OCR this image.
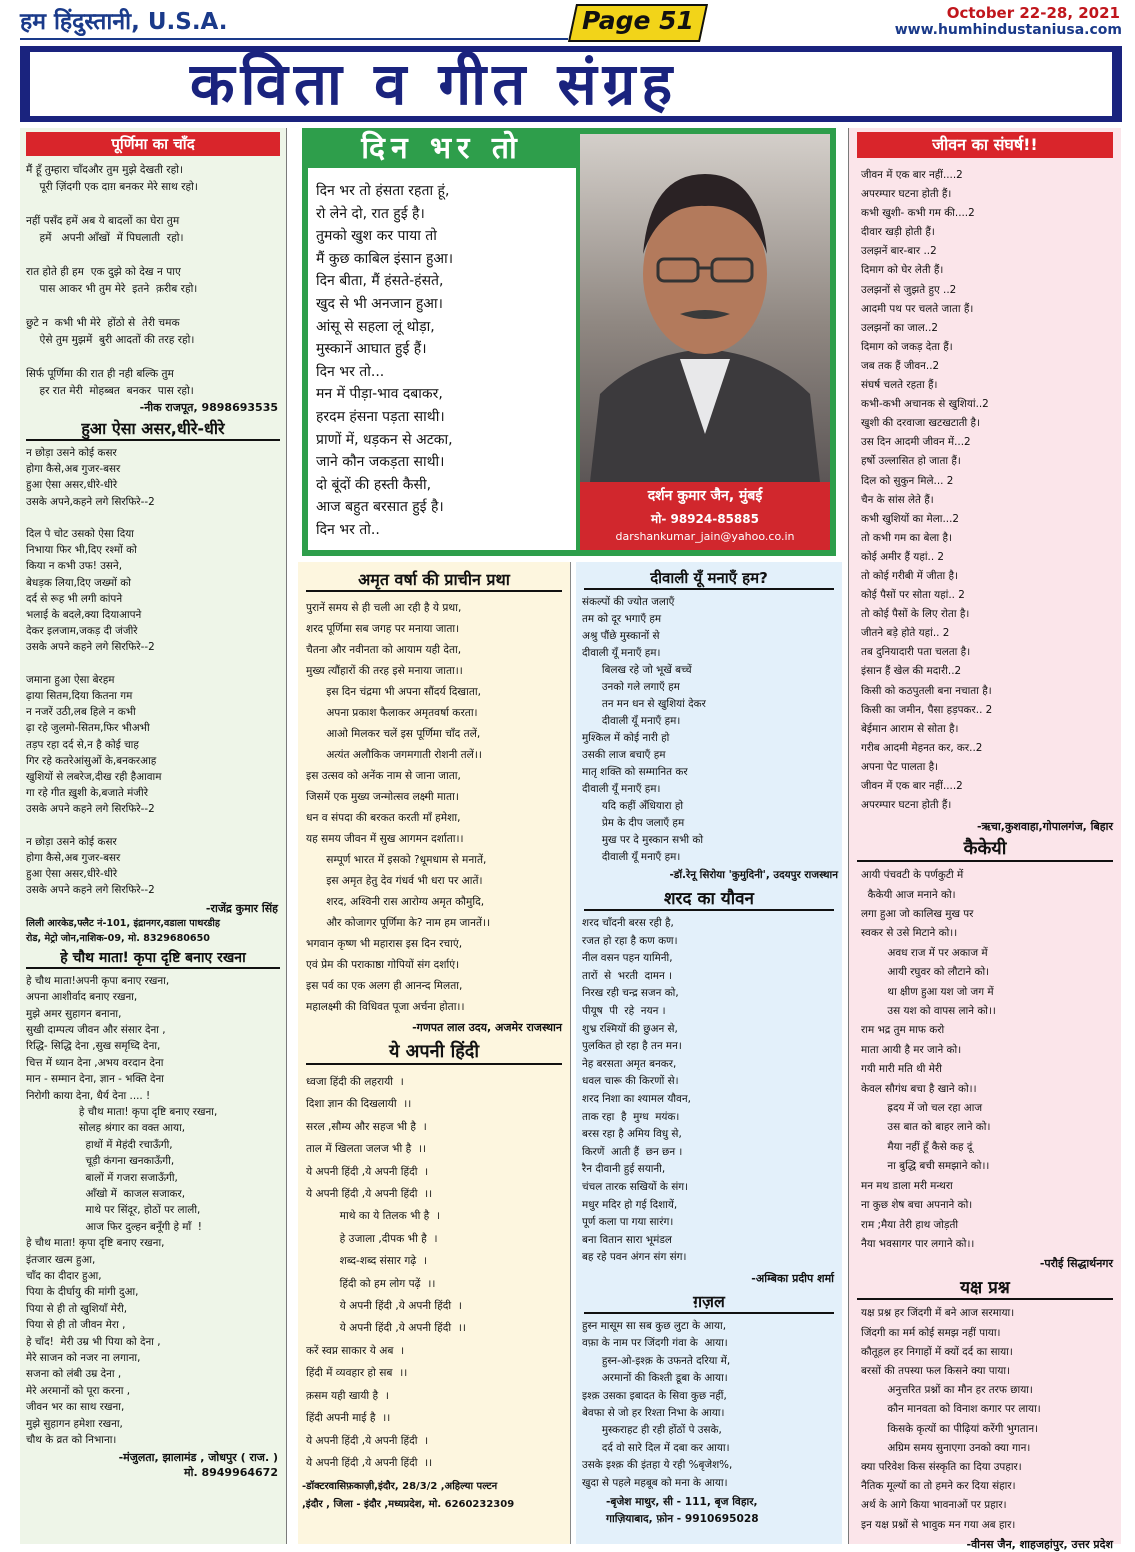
हम हिंदुस्तानी, U.S.A.	Page 51	October 22-28, 2021
www.humhindustaniusa.com
कविता व गीत संग्रह
पूर्णिमा का चाँद

मैं हूँ तुम्हारा चाँदऔर तुम मुझे देखती रहो।
पूरी ज़िंदगी एक दाग़ बनकर मेरे साथ रहो।

नहीं पसँद हमें अब ये बादलों का घेरा तुम
हमें   अपनी आँखों  में पिघलाती  रहो।

रात होते ही हम  एक दुझे को देख न पाए
पास आकर भी तुम मेरे  इतने  क़रीब रहो।

छुटे न  कभी भी मेरे  होंठो से  तेरी चमक
ऐसे तुम मुझमें  बुरी आदतों की तरह रहो।

सिर्फ पूर्णिमा की रात ही नही बल्कि तुम
हर रात मेरी  मोहब्बत  बनकर  पास रहो।

-नीक राजपूत, 9898693535

हुआ ऐसा असर,धीरे-धीरे

न छोड़ा उसने कोई कसर
होगा कैसे,अब गुजर-बसर
हुआ ऐसा असर,धीरे-धीरे
उसके अपने,कहने लगे सिरफिरे--2

दिल पे चोट उसको ऐसा दिया
निभाया फिर भी,दिए रश्मों को
किया न कभी उफ! उसने,
बेधड़क लिया,दिए जख्मों को
दर्द से रूह भी लगी कांपने
भलाई के बदले,क्या दियाआपने
देकर इलजाम,जकड़ दी जंजीरे
उसके अपने कहने लगे सिरफिरे--2

जमाना हुआ ऐसा बेरहम
ढ़ाया सितम,दिया कितना गम
न नजरें उठी,लब हिले न कभी
ढ़ा रहे जुलमो-सितम,फिर भीअभी
तड़प रहा दर्द से,न है कोई चाह
गिर रहे कतरेआंसुओं के,बनकरआह
खुशियों से लबरेज,दीख रही हैआवाम
गा रहे गीत ख़ुशी के,बजाते मंजीरे
उसके अपने कहने लगे सिरफिरे--2

न छोड़ा उसने कोई कसर
होगा कैसे,अब गुजर-बसर
हुआ ऐसा असर,धीरे-धीरे
उसके अपने कहने लगे सिरफिरे--2

-राजेंद्र कुमार सिंह

लिली आरकेड,फ्लैट नं-101, इंद्रानगर,वडाला पाथरडीह
रोड, मेट्रो जोन,नाशिक-09, मो. 8329680650

हे चौथ माता! कृपा दृष्टि बनाए रखना

हे चौथ माता!अपनी कृपा बनाए रखना,
अपना आशीर्वाद बनाए रखना,
मुझे अमर सुहागन बनाना,
सुखी दाम्पत्य जीवन और संसार देना ,
रिद्धि- सिद्धि देना ,सुख समृध्दि देना,
चित्त में ध्यान देना ,अभय वरदान देना
मान - सम्मान देना, ज्ञान - भक्ति देना
निरोगी काया देना, धैर्य देना .... !
हे चौथ माता! कृपा दृष्टि बनाए रखना,
सोलह श्रंगार का वक्त आया,
हाथों में मेहंदी रचाऊँगी,
चूड़ी कंगना खनकाऊँगी,
बालों में गजरा सजाऊँगी,
आँखो में  काजल सजाकर,
माथे पर सिंदूर, होठों पर लाली,
आज फिर दुल्हन बनूँगी हे माँ  !
हे चौथ माता! कृपा दृष्टि बनाए रखना,
इंतजार खत्म हुआ,
चाँद का दीदार हुआ,
पिया के दीर्घायु की मांगी दुआ,
पिया से ही तो खुशियाँ मेरी,
पिया से ही तो जीवन मेरा ,
हे चाँद!  मेरी उम्र भी पिया को देना ,
मेरे साजन को नजर ना लगाना,
सजना को लंबी उम्र देना ,
मेरे अरमानों को पूरा करना ,
जीवन भर का साथ रखना,
मुझे सुहागन हमेशा रखना,
चौथ के व्रत को निभाना।

-मंजुलता, झालामंड , जोधपुर ( राज. )

मो. 8949964672

दिन भर तो

दिन भर तो हंसता रहता हूं,
रो लेने दो, रात हुई है।
तुमको खुश कर पाया तो
मैं कुछ काबिल इंसान हुआ।
दिन बीता, मैं हंसते-हंसते,
खुद से भी अनजान हुआ।
आंसू से सहला लूं थोड़ा,
मुस्कानें आघात हुई हैं।
दिन भर तो...
मन में पीड़ा-भाव दबाकर,
हरदम हंसना पड़ता साथी।
प्राणों में, धड़कन से अटका,
जाने कौन जकड़ता साथी।
दो बूंदों की हस्ती कैसी,
आज बहुत बरसात हुई है।
दिन भर तो..

दर्शन कुमार जैन, मुंबई
मो- 98924-85885
darshankumar_jain@yahoo.co.in
अमृत वर्षा की प्राचीन प्रथा

पुरानें समय से ही चली आ रही है ये प्रथा,
शरद पूर्णिमा सब जगह पर मनाया जाता।
चैतना और नवीनता को आयाम यही देता,
मुख्य त्यौंहारों की तरह इसे मनाया जाता।।
इस दिन चंद्रमा भी अपना सौंदर्य दिखाता,
अपना प्रकाश फैलाकर अमृतवर्षा करता।
आओ मिलकर चलें इस पूर्णिमा चाँद तलें,
अत्यंत अलौकिक जगमगाती रोशनी तलें।।
इस उत्सव को अनेंक नाम से जाना जाता,
जिसमें एक मुख्य जन्मोत्सव लक्ष्मी माता।
धन व संपदा की बरकत करती माँ हमेशा,
यह समय जीवन में सुख आगमन दर्शाता।।
सम्पूर्ण भारत में इसको ?धूमधाम से मनातें,
इस अमृत हेतु देव गंधर्व भी धरा पर आतें।
शरद, अश्विनी रास आरोग्य अमृत कौमुदि,
और कोजागर पूर्णिमा के? नाम हम जानतें।।
भगवान कृष्ण भी महारास इस दिन रचाएं,
एवं प्रेम की पराकाष्ठा गोपियों संग दर्शाएं।
इस पर्व का एक अलग ही आनन्द मिलता,
महालक्ष्मी की विधिवत पूजा अर्चना होता।।

-गणपत लाल उदय, अजमेर राजस्थान

ये अपनी हिंदी

ध्वजा हिंदी की लहरायी  ।
दिशा ज्ञान की दिखलायी  ।।
सरल ,सौम्य और सहज भी है  ।
ताल में खिलता जलज भी है  ।।
ये अपनी हिंदी ,ये अपनी हिंदी  ।
ये अपनी हिंदी ,ये अपनी हिंदी  ।।
माथे का ये तिलक भी है  ।
हे उजाला ,दीपक भी है  ।
शब्द-शब्द संसार गढ़े  ।
हिंदी को हम लोग पढ़ें  ।।
ये अपनी हिंदी ,ये अपनी हिंदी  ।
ये अपनी हिंदी ,ये अपनी हिंदी  ।।
करें स्वप्न साकार ये अब  ।
हिंदी में व्यवहार हो सब  ।।
क़सम यही खायी है  ।
हिंदी अपनी माई है  ।।
ये अपनी हिंदी ,ये अपनी हिंदी  ।
ये अपनी हिंदी ,ये अपनी हिंदी  ।।

-डॉक्टरवासिफ़काज़ी,इंदौर, 28/3/2 ,अहिल्या पल्टन
,इंदौर , जिला - इंदौर ,मध्यप्रदेश, मो. 6260232309

दीवाली यूँ मनाएँ हम?

संकल्पों की ज्योत जलाएँ
तम को दूर भगाएँ हम
अश्रु पौंछे मुस्कानों से
दीवाली यूँ मनाएँ हम।
बिलख रहे जो भूखें बच्चें
उनको गले लगाएँ हम
तन मन धन से खुशियां देकर
दीवाली यूँ मनाएँ हम।
मुश्किल में कोई नारी हो
उसकी लाज बचाएँ हम
मातृ शक्ति को सम्मानित कर
दीवाली यूँ मनाएँ हम।
यदि कहीं अँधियारा हो
प्रेम के दीप जलाएँ हम
मुख पर दे मुस्कान सभी को
दीवाली यूँ मनाएँ हम।

-डॉ.रेनू सिरोया 'कुमुदिनी', उदयपुर राजस्थान

शरद का यौवन

शरद चाँदनी बरस रही है,
रजत हो रहा है कण कण।
नील वसन पहन यामिनी,
तारों  से  भरती  दामन ।
निरख रही चन्द्र सजन को,
पीयूष  पी  रहे  नयन ।
शुभ्र रश्मियों की छुअन से,
पुलकित हो रहा है तन मन।
नेह बरसता अमृत बनकर,
धवल चारू की किरणों से।
शरद निशा का श्यामल यौवन,
ताक रहा  है  मुग्ध  मयंक।
बरस रहा है अमिय विधु से,
किरणें  आती हैं  छन छन ।
रैन दीवानी हुई सयानी,
चंचल तारक सखियों के संग।
मधुर मदिर हो गई दिशायें,
पूर्ण कला पा गया सारंग।
बना वितान सारा भूमंडल
बह रहे पवन अंगन संग संग।

-अम्बिका प्रदीप शर्मा

ग़ज़ल

हुस्न मासूम सा सब कुछ लुटा के आया,
वफ़ा के नाम पर जिंदगी गंवा के  आया।
हुस्न-ओ-इश्क़ के उफनते दरिया में,
अरमानों की किश्ती डूबा के आया।
इश्क़ उसका इबादत के सिवा कुछ नहीं,
बेवफा से जो हर रिश्ता निभा के आया।
मुस्कराहट ही रही होंठों पे उसके,
दर्द वो सारे दिल में दबा कर आया।
उसके इश्क़ की इंतहा ये रही %बृजेश%,
खुदा से पहले महबूब को मना के आया।

-बृजेश माथुर, सी - 111, बृज विहार,
गाज़ियाबाद, फ़ोन - 9910695028

जीवन का संघर्ष!!

जीवन में एक बार नहीं....2
अपरम्पार घटना होती हैं।
कभी खुशी- कभी गम की....2
दीवार खड़ी होती हैं।
उलझनें बार-बार ..2
दिमाग को घेर लेती हैं।
उलझनों से जुझते हुए ..2
आदमी पथ पर चलते जाता हैं।
उलझनों का जाल..2
दिमाग को जकड़ देता हैं।
जब तक हैं जीवन..2
संघर्ष चलते रहता हैं।
कभी-कभी अचानक से खुशियां..2
खुशी की दरवाजा खटखटाती है।
उस दिन आदमी जीवन में...2
हर्षो उल्लासित हो जाता हैं।
दिल को सुकुन मिले... 2
चैन के सांस लेते हैं।
कभी खुशियों का मेला...2
तो कभी गम का बेला है।
कोई अमीर हैं यहां.. 2
तो कोई गरीबी में जीता है।
कोई पैसों पर सोता यहां.. 2
तो कोई पैसों के लिए रोता है।
जीतने बड़े होते यहां.. 2
तब दुनियादारी पता चलता है।
इंसान हैं खेल की मदारी..2
किसी को कठपुतली बना नचाता है।
किसी का जमीन, पैसा हड़पकर.. 2
बेईमान आराम से सोता है।
गरीब आदमी मेहनत कर, कर..2
अपना पेट पालता है।
जीवन में एक बार नहीं....2
अपरम्पार घटना होती हैं।

-ऋचा,कुशवाहा,गोपालगंज, बिहार

कैकेयी

आयी पंचवटी के पर्णकुटी में
कैकेयी आज मनाने को।
लगा हुआ जो कालिख मुख पर
स्वकर से उसे मिटाने को।।
अवध राज में पर अकाज में
आयी रघुवर को लौटाने को।
था क्षीण हुआ यश जो जग में
उस यश को वापस लाने को।।
राम भद्र तुम माफ करो
माता आयी है मर जाने को।
गयी मारी मति थी मेरी
केवल सौगंध बचा है खाने को।।
ह्रदय में जो चल रहा आज
उस बात को बाहर लाने को।
मैया नहीं हूँ कैसे कह दूं
ना बुद्धि बची समझाने को।।
मन मथ डाला मरी मन्थरा
ना कुछ शेष बचा अपनाने को।
राम ;मैया तेरी हाथ जोड़ती
नैया भवसागर पार लगाने को।।

-परौई सिद्धार्थनगर

यक्ष प्रश्न

यक्ष प्रश्न हर जिंदगी में बने आज सरमाया।
जिंदगी का मर्म कोई समझ नहीं पाया।
कौतूहल हर निगाहों में क्यों दर्द का साया।
बरसों की तपस्या फल किसने क्या पाया।
अनुत्तरित प्रश्नों का मौन हर तरफ छाया।
कौन मानवता को विनाश कगार पर लाया।
किसके कृत्यों का पीढ़ियां करेंगी भुगतान।
अग्रिम समय सुनाएगा उनको क्या गान।
क्या परिवेश किस संस्कृति का दिया उपहार।
नैतिक मूल्यों का तो हमने कर दिया संहार।
अर्थ के आगे किया भावनाओं पर प्रहार।
इन यक्ष प्रश्नों से भावुक मन गया अब हार।

-वीनस जैन, शाहजहांपुर, उत्तर प्रदेश
